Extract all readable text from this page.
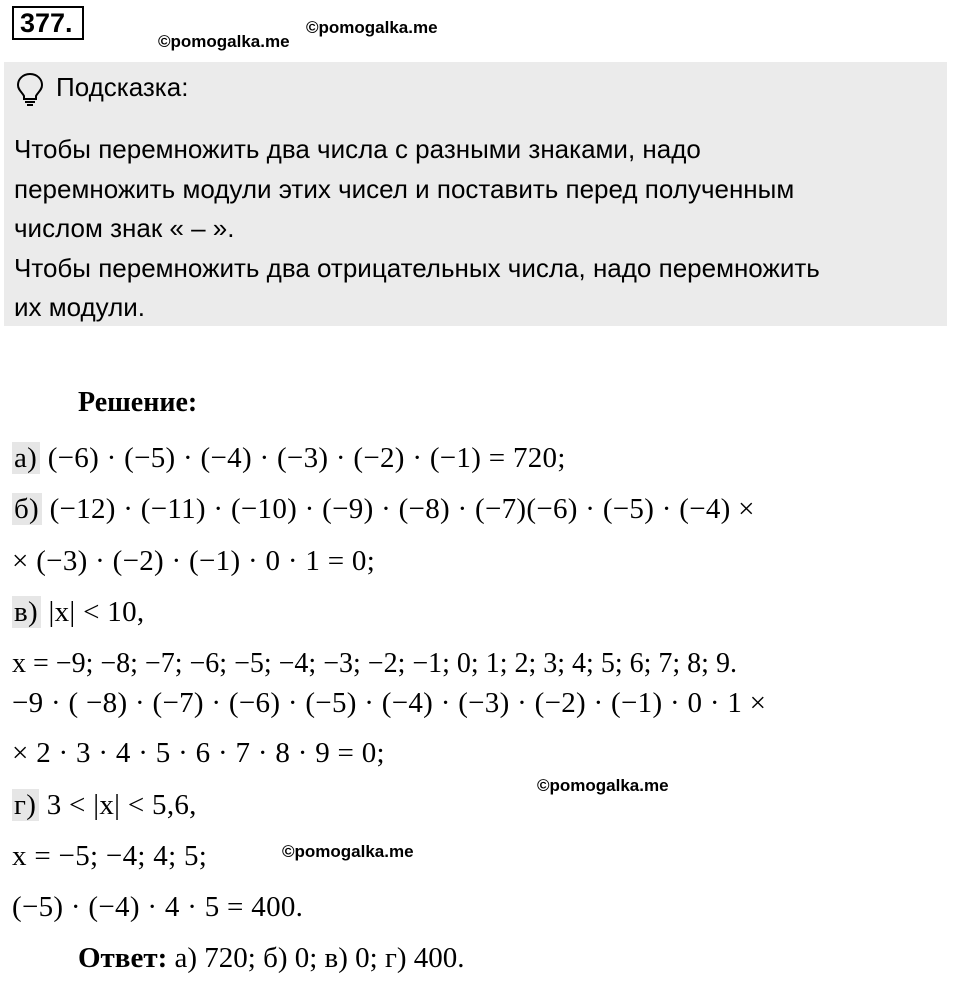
377.
©pomogalka.me
©pomogalka.me
Подсказка:
Чтобы перемножить два числа с разными знаками, надо
перемножить модули этих чисел и поставить перед полученным
числом знак « – ».
Чтобы перемножить два отрицательных числа, надо перемножить
их модули.
Решение:
а) (−6) · (−5) · (−4) · (−3) · (−2) · (−1) = 720;
б) (−12) · (−11) · (−10) · (−9) · (−8) · (−7)(−6) · (−5) · (−4) ×
× (−3) · (−2) · (−1) · 0 · 1 = 0;
в) |x| < 10,
x = −9; −8; −7; −6; −5; −4; −3; −2; −1; 0; 1; 2; 3; 4; 5; 6; 7; 8; 9.
−9 · ( −8) · (−7) · (−6) · (−5) · (−4) · (−3) · (−2) · (−1) · 0 · 1 ×
× 2 · 3 · 4 · 5 · 6 · 7 · 8 · 9 = 0;
©pomogalka.me
г) 3 < |x| < 5,6,
x = −5; −4; 4; 5;	©pomogalka.me
(−5) · (−4) · 4 · 5 = 400.
Ответ: а) 720; б) 0; в) 0; г) 400.
